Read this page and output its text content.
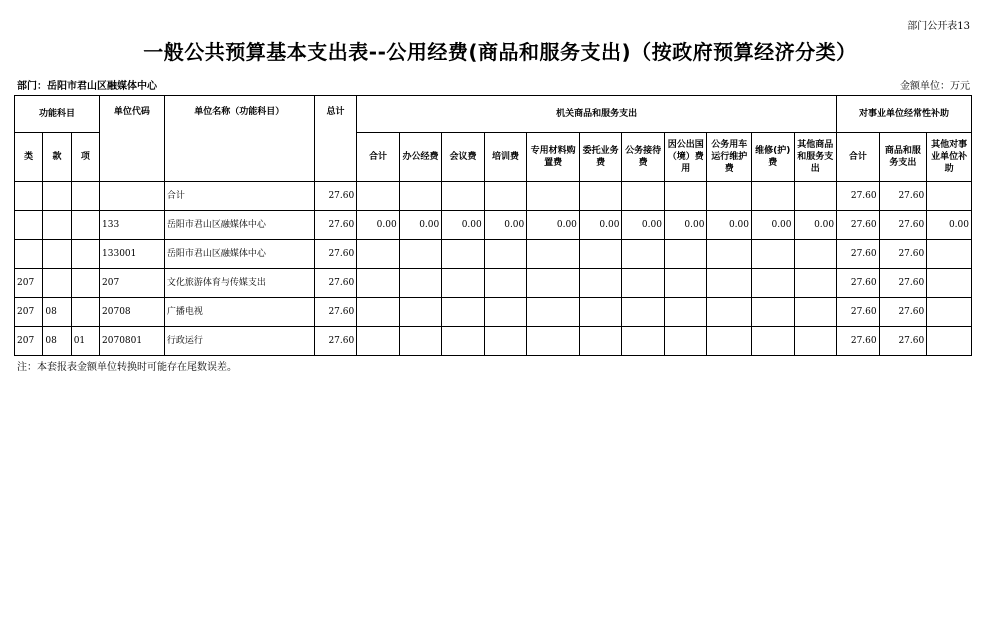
部门公开表13
一般公共预算基本支出表--公用经费(商品和服务支出)（按政府预算经济分类）
部门：岳阳市君山区融媒体中心	金额单位：万元
功能科目			单位代码	单位名称（功能科目）	总计	机关商品和服务支出											对事业单位经常性补助		
类	款	项				合计	办公经费	会议费	培训费	专用材料购置费	委托业务费	公务接待费	因公出国（境）费用	公务用车运行维护费	维修(护)费	其他商品和服务支出	合计	商品和服务支出	其他对事业单位补助
				合计	27.60												27.60	27.60	
			133	岳阳市君山区融媒体中心	27.60	0.00	0.00	0.00	0.00	0.00	0.00	0.00	0.00	0.00	0.00	0.00	27.60	27.60	0.00
			133001	岳阳市君山区融媒体中心	27.60												27.60	27.60	
207			207	文化旅游体育与传媒支出	27.60												27.60	27.60	
207	08		20708	广播电视	27.60												27.60	27.60	
207	08	01	2070801	行政运行	27.60												27.60	27.60	
注：本套报表金额单位转换时可能存在尾数误差。
